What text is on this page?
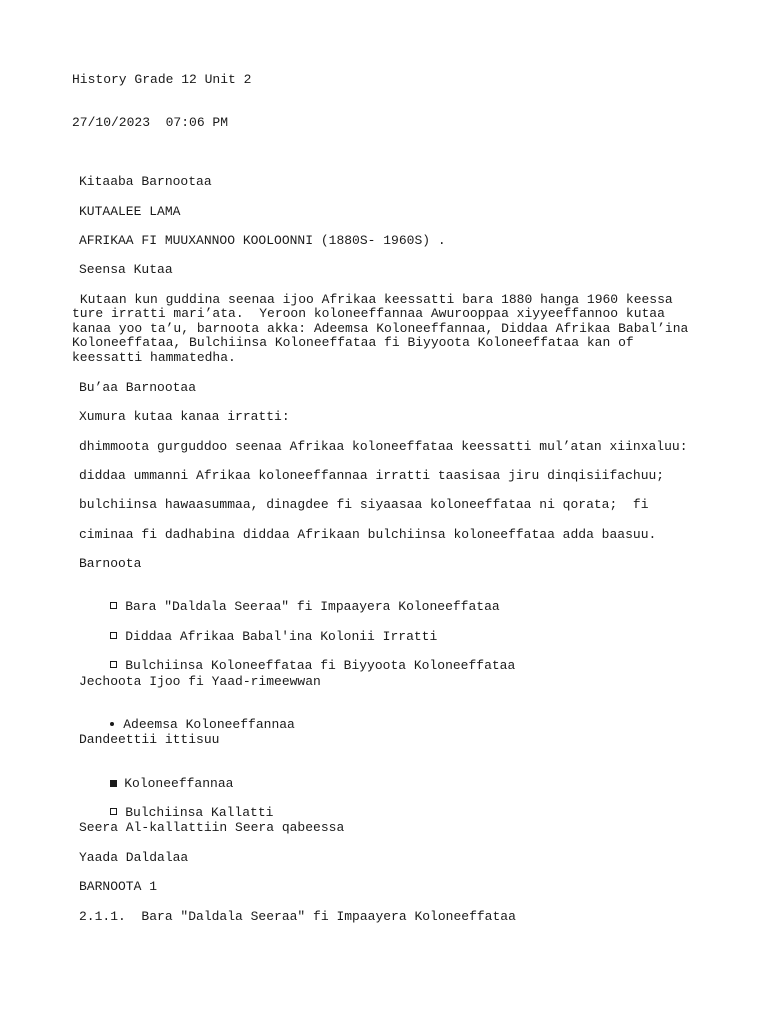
History Grade 12 Unit 2
27/10/2023  07:06 PM
Kitaaba Barnootaa
KUTAALEE LAMA
AFRIKAA FI MUUXANNOO KOOLOONNI (1880S- 1960S) .
Seensa Kutaa
Kutaan kun guddina seenaa ijoo Afrikaa keessatti bara 1880 hanga 1960 keessa ture irratti mari’ata.  Yeroon koloneeffannaa Awurooppaa xiyyeeffannoo kutaa kanaa yoo ta’u, barnoota akka: Adeemsa Koloneeffannaa, Diddaa Afrikaa Babal’ina Koloneeffataa, Bulchiinsa Koloneeffataa fi Biyyoota Koloneeffataa kan of keessatti hammatedha.
Bu’aa Barnootaa
Xumura kutaa kanaa irratti:
dhimmoota gurguddoo seenaa Afrikaa koloneeffataa keessatti mul’atan xiinxaluu:
diddaa ummanni Afrikaa koloneeffannaa irratti taasisaa jiru dinqisiifachuu;
bulchiinsa hawaasummaa, dinagdee fi siyaasaa koloneeffataa ni qorata;  fi
ciminaa fi dadhabina diddaa Afrikaan bulchiinsa koloneeffataa adda baasuu.
Barnoota

Bara "Daldala Seeraa" fi Impaayera Koloneeffataa

Diddaa Afrikaa Babal'ina Kolonii Irratti

Bulchiinsa Koloneeffataa fi Biyyoota Koloneeffataa

Jechoota Ijoo fi Yaad-rimeewwan

Adeemsa Koloneeffannaa

Dandeettii ittisuu

Koloneeffannaa

Bulchiinsa Kallatti

Seera Al-kallattiin Seera qabeessa
Yaada Daldalaa
BARNOOTA 1
2.1.1.  Bara "Daldala Seeraa" fi Impaayera Koloneeffataa
